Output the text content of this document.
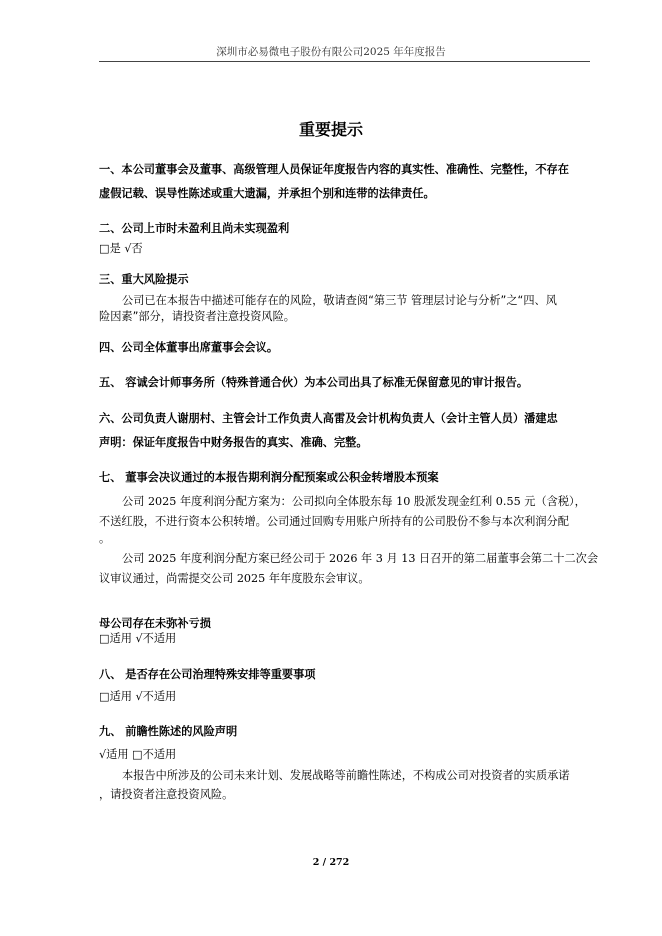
深圳市必易微电子股份有限公司2025 年年度报告
重要提示
一、本公司董事会及董事、高级管理人员保证年度报告内容的真实性、准确性、完整性，不存在
虚假记载、误导性陈述或重大遗漏，并承担个别和连带的法律责任。
二、公司上市时未盈利且尚未实现盈利
□是 √否
三、重大风险提示
公司已在本报告中描述可能存在的风险，敬请查阅“第三节 管理层讨论与分析”之“四、风
险因素”部分，请投资者注意投资风险。
四、公司全体董事出席董事会会议。
五、 容诚会计师事务所（特殊普通合伙）为本公司出具了标准无保留意见的审计报告。
六、公司负责人谢朋村、主管会计工作负责人高雷及会计机构负责人（会计主管人员）潘建忠
声明：保证年度报告中财务报告的真实、准确、完整。
七、 董事会决议通过的本报告期利润分配预案或公积金转增股本预案
公司 2025 年度利润分配方案为：公司拟向全体股东每 10 股派发现金红利 0.55 元（含税），
不送红股，不进行资本公积转增。公司通过回购专用账户所持有的公司股份不参与本次利润分配
。
公司 2025 年度利润分配方案已经公司于 2026 年 3 月 13 日召开的第二届董事会第二十二次会
议审议通过，尚需提交公司 2025 年年度股东会审议。
母公司存在未弥补亏损
□适用 √不适用
八、 是否存在公司治理特殊安排等重要事项
□适用 √不适用
九、 前瞻性陈述的风险声明
√适用 □不适用
本报告中所涉及的公司未来计划、发展战略等前瞻性陈述，不构成公司对投资者的实质承诺
，请投资者注意投资风险。
2 / 272
